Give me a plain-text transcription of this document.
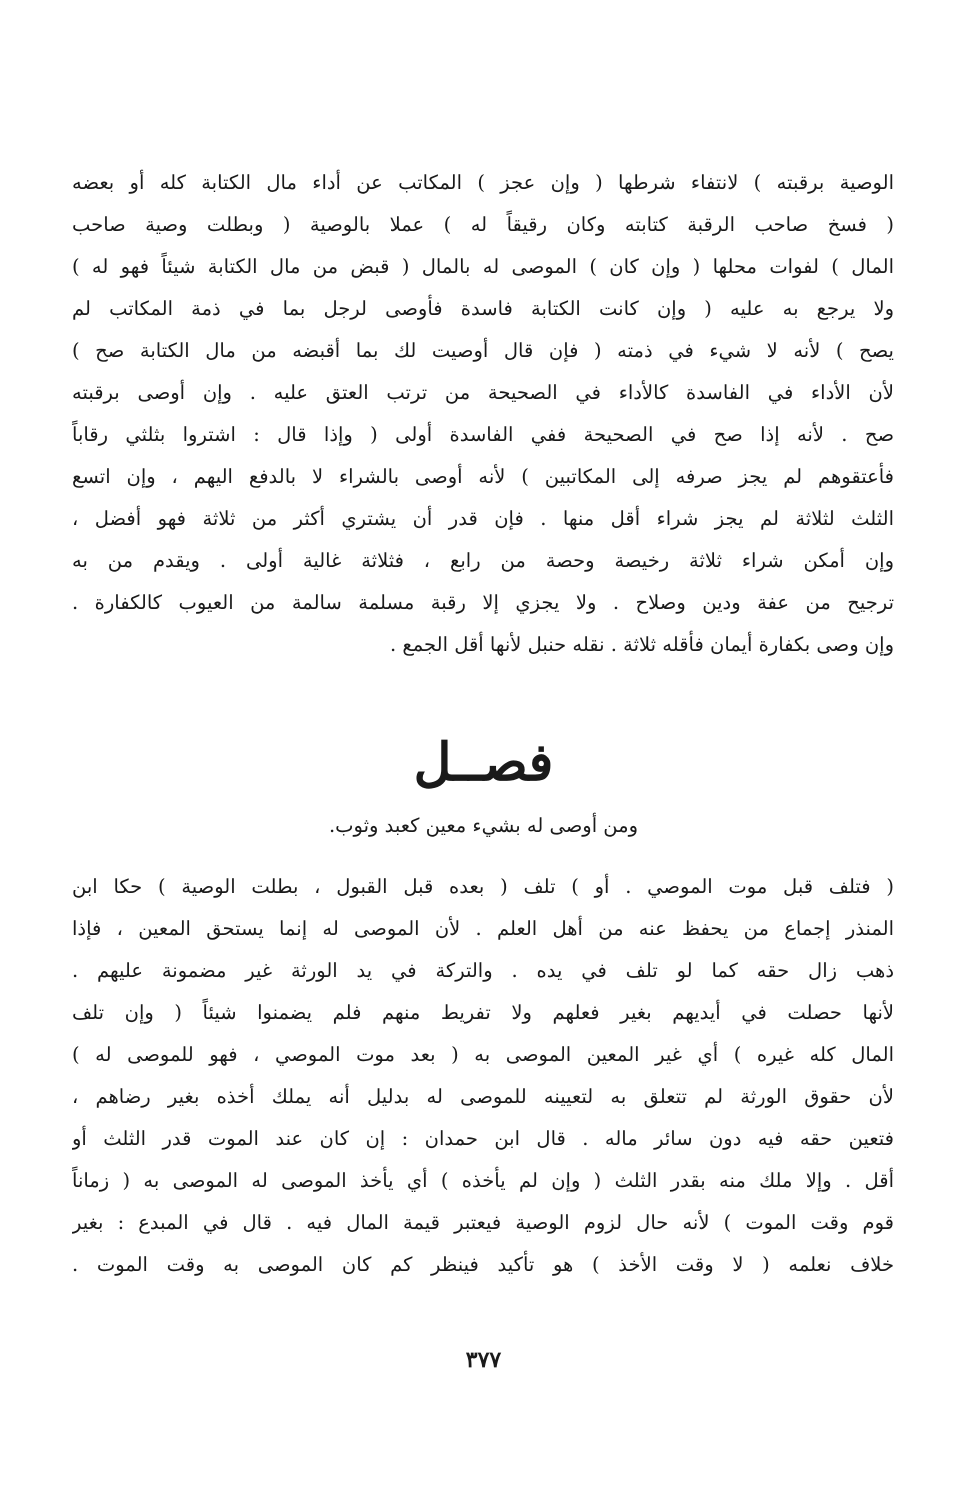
الوصية برقبته ) لانتفاء شرطها ( وإن عجز ) المكاتب عن أداء مال الكتابة كله أو بعضه
( فسخ صاحب الرقبة كتابته وكان رقيقاً له ) عملا بالوصية ( وبطلت وصية صاحب
المال ) لفوات محلها ( وإن كان ) الموصى له بالمال ( قبض من مال الكتابة شيئاً فهو له )
ولا يرجع به عليه ( وإن كانت الكتابة فاسدة فأوصى لرجل بما في ذمة المكاتب لم
يصح ) لأنه لا شيء في ذمته ( فإن قال أوصيت لك بما أقبضه من مال الكتابة صح )
لأن الأداء في الفاسدة كالأداء في الصحيحة من ترتب العتق عليه . وإن أوصى برقبته
صح . لأنه إذا صح في الصحيحة ففي الفاسدة أولى ( وإذا قال : اشتروا بثلثي رقاباً
فأعتقوهم لم يجز صرفه إلى المكاتبين ) لأنه أوصى بالشراء لا بالدفع اليهم ، وإن اتسع
الثلث لثلاثة لم يجز شراء أقل منها . فإن قدر أن يشتري أكثر من ثلاثة فهو أفضل ،
وإن أمكن شراء ثلاثة رخيصة وحصة من رابع ، فثلاثة غالية أولى . ويقدم من به
ترجيح من عفة ودين وصلاح . ولا يجزي إلا رقبة مسلمة سالمة من العيوب كالكفارة .
وإن وصى بكفارة أيمان فأقله ثلاثة . نقله حنبل لأنها أقل الجمع .
فصــل
ومن أوصى له بشيء معين كعبد وثوب.
( فتلف قبل موت الموصي . أو ) تلف ( بعده قبل القبول ، بطلت الوصية ) حكا ابن
المنذر إجماع من يحفظ عنه من أهل العلم . لأن الموصى له إنما يستحق المعين ، فإذا
ذهب زال حقه كما لو تلف في يده . والتركة في يد الورثة غير مضمونة عليهم .
لأنها حصلت في أيديهم بغير فعلهم ولا تفريط منهم فلم يضمنوا شيئاً ( وإن تلف
المال كله غيره ) أي غير المعين الموصى به ( بعد موت الموصي ، فهو للموصى له )
لأن حقوق الورثة لم تتعلق به لتعيينه للموصى له بدليل أنه يملك أخذه بغير رضاهم ،
فتعين حقه فيه دون سائر ماله . قال ابن حمدان : إن كان عند الموت قدر الثلث أو
أقل . وإلا ملك منه بقدر الثلث ( وإن لم يأخذه ) أي يأخذ الموصى له الموصى به ( زماناً
قوم وقت الموت ) لأنه حال لزوم الوصية فيعتبر قيمة المال فيه . قال في المبدع : بغير
خلاف نعلمه ( لا وقت الأخذ ) هو تأكيد فينظر كم كان الموصى به وقت الموت .
٣٧٧
